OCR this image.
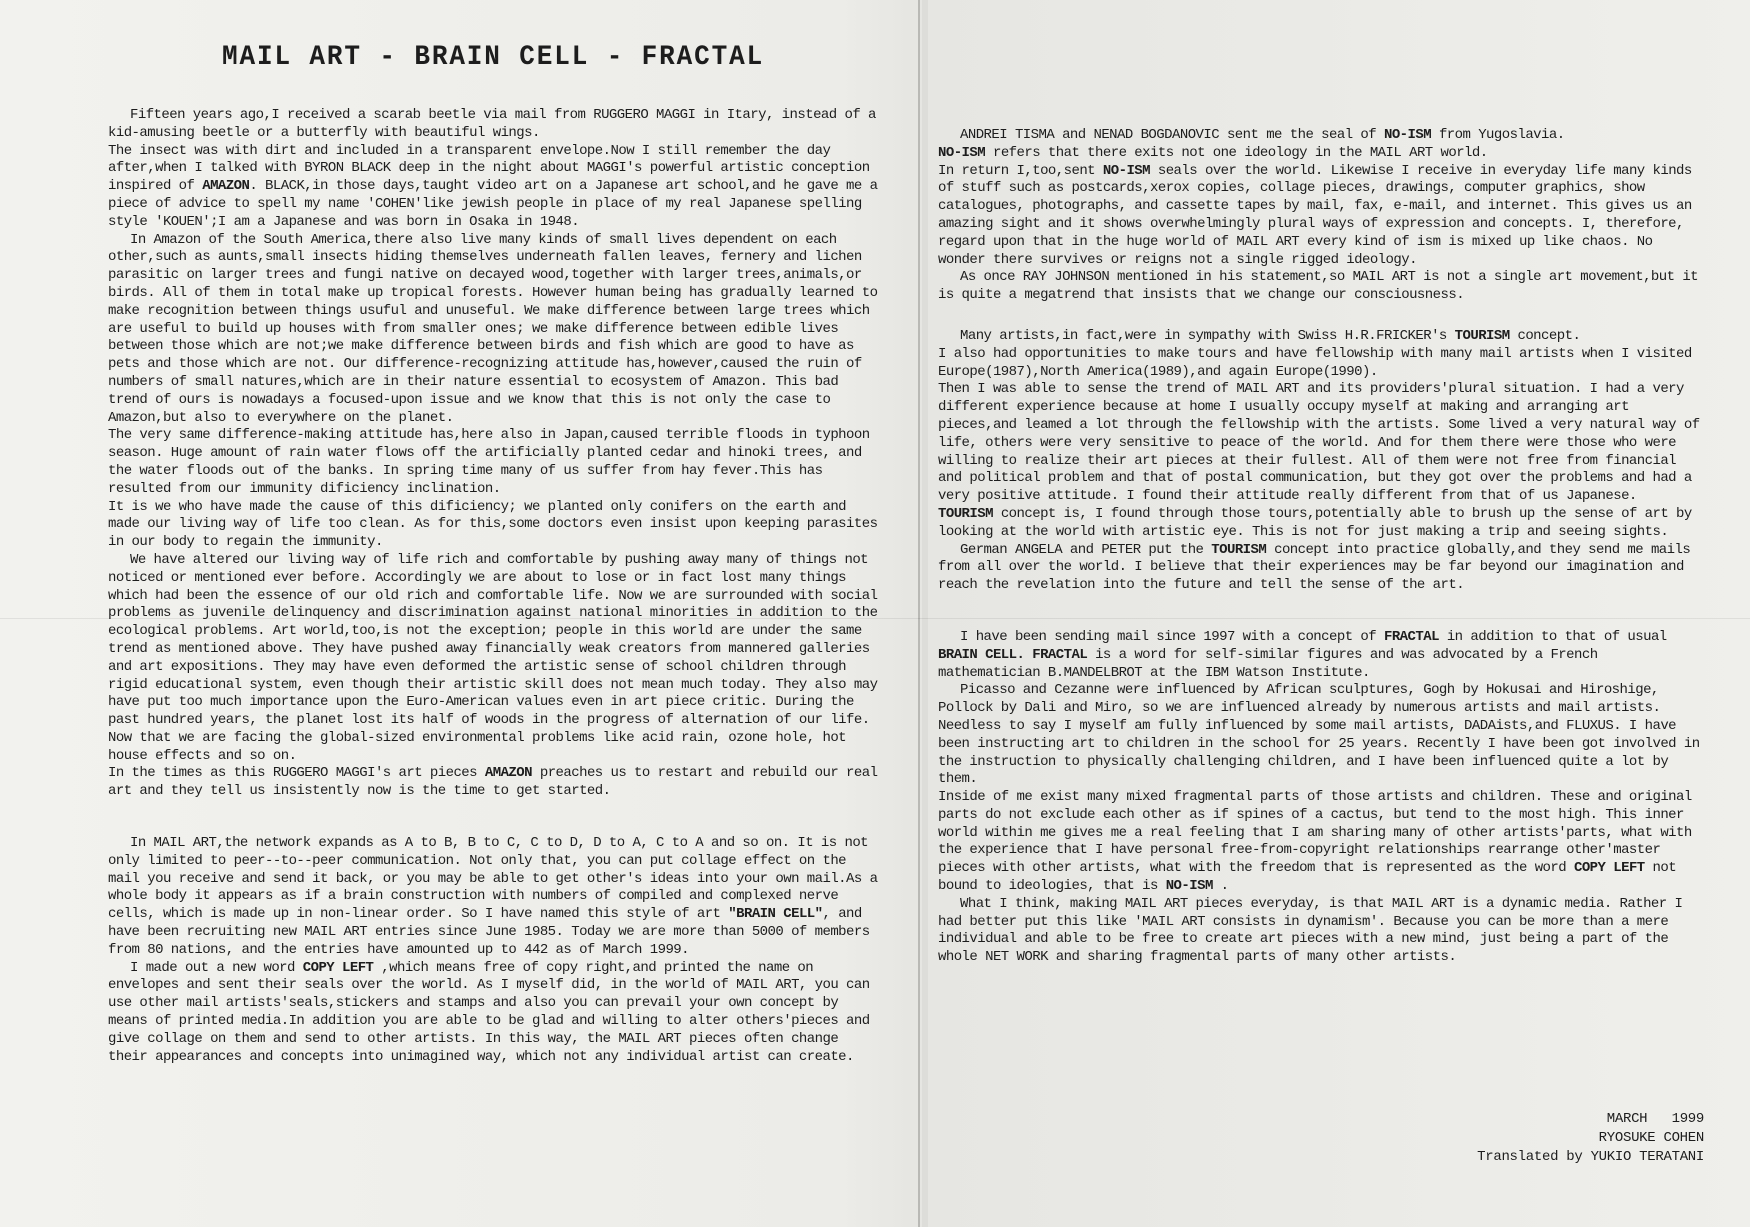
MAIL ART - BRAIN CELL - FRACTAL

Fifteen years ago,I received a scarab beetle via mail from RUGGERO MAGGI in Itary, instead of a kid-amusing beetle or a butterfly with beautiful wings.

The insect was with dirt and included in a transparent envelope.Now I still remember the day after,when I talked with BYRON BLACK deep in the night about MAGGI's powerful artistic conception inspired of AMAZON. BLACK,in those days,taught video art on a Japanese art school,and he gave me a piece of advice to spell my name 'COHEN'like jewish people in place of my real Japanese spelling style 'KOUEN';I am a Japanese and was born in Osaka in 1948.

In Amazon of the South America,there also live many kinds of small lives dependent on each other,such as aunts,small insects hiding themselves underneath fallen leaves, fernery and lichen parasitic on larger trees and fungi native on decayed wood,together with larger trees,animals,or birds. All of them in total make up tropical forests. However human being has gradually learned to make recognition between things usuful and unuseful. We make difference between large trees which are useful to build up houses with from smaller ones; we make difference between edible lives between those which are not;we make difference between birds and fish which are good to have as pets and those which are not. Our difference-recognizing attitude has,however,caused the ruin of numbers of small natures,which are in their nature essential to ecosystem of Amazon. This bad trend of ours is nowadays a focused-upon issue and we know that this is not only the case to Amazon,but also to everywhere on the planet.

The very same difference-making attitude has,here also in Japan,caused terrible floods in typhoon season. Huge amount of rain water flows off the artificially planted cedar and hinoki trees, and the water floods out of the banks. In spring time many of us suffer from hay fever.This has resulted from our immunity dificiency inclination.

It is we who have made the cause of this dificiency; we planted only conifers on the earth and made our living way of life too clean. As for this,some doctors even insist upon keeping parasites in our body to regain the immunity.

We have altered our living way of life rich and comfortable by pushing away many of things not noticed or mentioned ever before. Accordingly we are about to lose or in fact lost many things which had been the essence of our old rich and comfortable life. Now we are surrounded with social problems as juvenile delinquency and discrimination against national minorities in addition to the ecological problems. Art world,too,is not the exception; people in this world are under the same trend as mentioned above. They have pushed away financially weak creators from mannered galleries and art expositions. They may have even deformed the artistic sense of school children through rigid educational system, even though their artistic skill does not mean much today. They also may have put too much importance upon the Euro-American values even in art piece critic. During the past hundred years, the planet lost its half of woods in the progress of alternation of our life. Now that we are facing the global-sized environmental problems like acid rain, ozone hole, hot house effects and so on.

In the times as this RUGGERO MAGGI's art pieces AMAZON preaches us to restart and rebuild our real art and they tell us insistently now is the time to get started.

In MAIL ART,the network expands as A to B, B to C, C to D, D to A, C to A and so on. It is not only limited to peer--to--peer communication. Not only that, you can put collage effect on the mail you receive and send it back, or you may be able to get other's ideas into your own mail.As a whole body it appears as if a brain construction with numbers of compiled and complexed nerve cells, which is made up in non-linear order. So I have named this style of art "BRAIN CELL", and have been recruiting new MAIL ART entries since June 1985. Today we are more than 5000 of members from 80 nations, and the entries have amounted up to 442 as of March 1999.

I made out a new word COPY LEFT ,which means free of copy right,and printed the name on envelopes and sent their seals over the world. As I myself did, in the world of MAIL ART, you can use other mail artists'seals,stickers and stamps and also you can prevail your own concept by means of printed media.In addition you are able to be glad and willing to alter others'pieces and give collage on them and send to other artists. In this way, the MAIL ART pieces often change their appearances and concepts into unimagined way, which not any individual artist can create.

ANDREI TISMA and NENAD BOGDANOVIC sent me the seal of NO-ISM from Yugoslavia.

NO-ISM refers that there exits not one ideology in the MAIL ART world.

In return I,too,sent NO-ISM seals over the world. Likewise I receive in everyday life many kinds of stuff such as postcards,xerox copies, collage pieces, drawings, computer graphics, show catalogues, photographs, and cassette tapes by mail, fax, e-mail, and internet. This gives us an amazing sight and it shows overwhelmingly plural ways of expression and concepts. I, therefore, regard upon that in the huge world of MAIL ART every kind of ism is mixed up like chaos. No wonder there survives or reigns not a single rigged ideology.

As once RAY JOHNSON mentioned in his statement,so MAIL ART is not a single art movement,but it is quite a megatrend that insists that we change our consciousness.

Many artists,in fact,were in sympathy with Swiss H.R.FRICKER's TOURISM concept.

I also had opportunities to make tours and have fellowship with many mail artists when I visited Europe(1987),North America(1989),and again Europe(1990).

Then I was able to sense the trend of MAIL ART and its providers'plural situation. I had a very different experience because at home I usually occupy myself at making and arranging art pieces,and leamed a lot through the fellowship with the artists. Some lived a very natural way of life, others were very sensitive to peace of the world. And for them there were those who were willing to realize their art pieces at their fullest. All of them were not free from financial and political problem and that of postal communication, but they got over the problems and had a very positive attitude. I found their attitude really different from that of us Japanese.

TOURISM concept is, I found through those tours,potentially able to brush up the sense of art by looking at the world with artistic eye. This is not for just making a trip and seeing sights.

German ANGELA and PETER put the TOURISM concept into practice globally,and they send me mails from all over the world. I believe that their experiences may be far beyond our imagination and reach the revelation into the future and tell the sense of the art.

I have been sending mail since 1997 with a concept of FRACTAL in addition to that of usual BRAIN CELL. FRACTAL is a word for self-similar figures and was advocated by a French mathematician B.MANDELBROT at the IBM Watson Institute.

Picasso and Cezanne were influenced by African sculptures, Gogh by Hokusai and Hiroshige, Pollock by Dali and Miro, so we are influenced already by numerous artists and mail artists. Needless to say I myself am fully influenced by some mail artists, DADAists,and FLUXUS. I have been instructing art to children in the school for 25 years. Recently I have been got involved in the instruction to physically challenging children, and I have been influenced quite a lot by them.

Inside of me exist many mixed fragmental parts of those artists and children. These and original parts do not exclude each other as if spines of a cactus, but tend to the most high. This inner world within me gives me a real feeling that I am sharing many of other artists'parts, what with the experience that I have personal free-from-copyright relationships rearrange other'master pieces with other artists, what with the freedom that is represented as the word COPY LEFT not bound to ideologies, that is NO-ISM .

What I think, making MAIL ART pieces everyday, is that MAIL ART is a dynamic media. Rather I had better put this like 'MAIL ART consists in dynamism'. Because you can be more than a mere individual and able to be free to create art pieces with a new mind, just being a part of the whole NET WORK and sharing fragmental parts of many other artists.

MARCH   1999
RYOSUKE COHEN
Translated by YUKIO TERATANI
